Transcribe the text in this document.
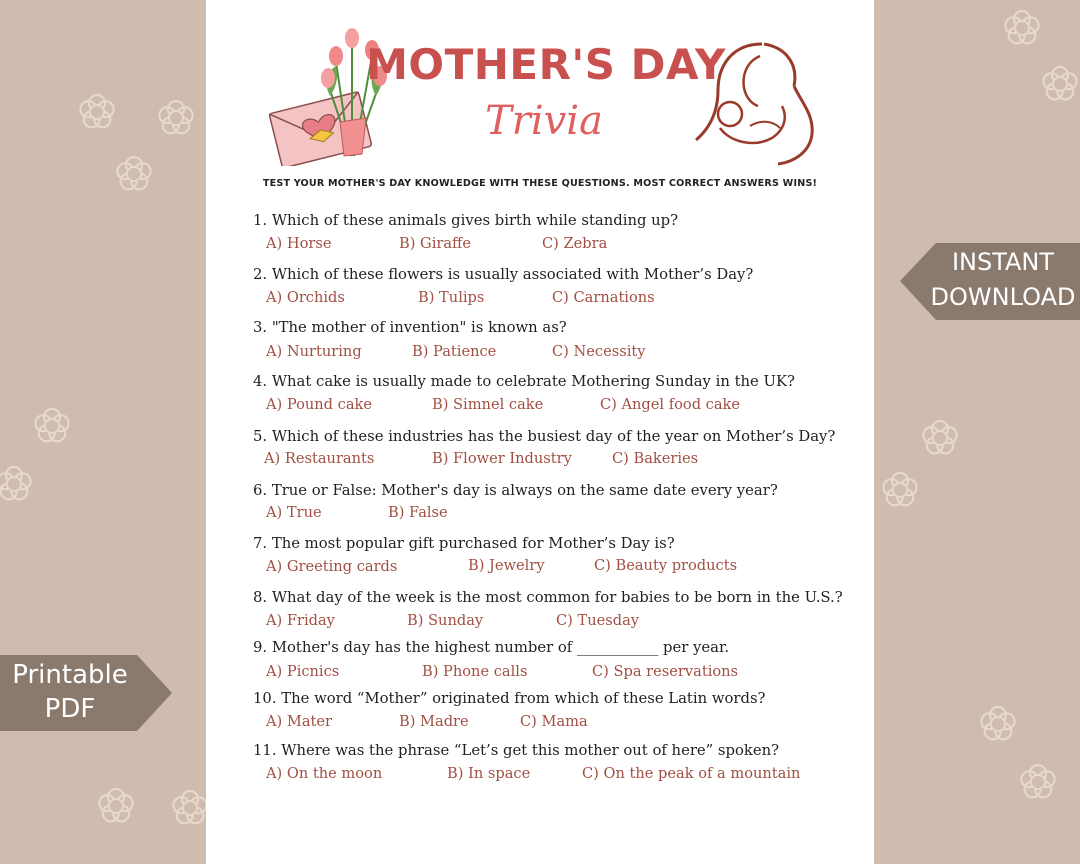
Printable
PDF
INSTANT
DOWNLOAD
MOTHER'S DAY
Trivia
TEST YOUR MOTHER'S DAY KNOWLEDGE WITH THESE QUESTIONS. MOST CORRECT ANSWERS WINS!
1. Which of these animals gives birth while standing up?
A) Horse	B) Giraffe	C) Zebra
2. Which of these flowers is usually associated with Mother’s Day?
A) Orchids	B) Tulips	C) Carnations
3. "The mother of invention" is known as?
A) Nurturing	B) Patience	C) Necessity
4. What cake is usually made to celebrate Mothering Sunday in the UK?
A) Pound cake	B) Simnel cake	C) Angel food cake
5. Which of these industries has the busiest day of the year on Mother’s Day?
A) Restaurants	B) Flower Industry	C) Bakeries
6. True or False: Mother's day is always on the same date every year?
A) True	B) False
7. The most popular gift purchased for Mother’s Day is?
A) Greeting cards	B) Jewelry	C) Beauty products
8. What day of the week is the most common for babies to be born in the U.S.?
A) Friday	B) Sunday	C) Tuesday
9. Mother's day has the highest number of ___________ per year.
A) Picnics	B) Phone calls	C) Spa reservations
10. The word “Mother” originated from which of these Latin words?
A) Mater	B) Madre	C) Mama
11. Where was the phrase “Let’s get this mother out of here” spoken?
A) On the moon	B) In space	C) On the peak of a mountain
